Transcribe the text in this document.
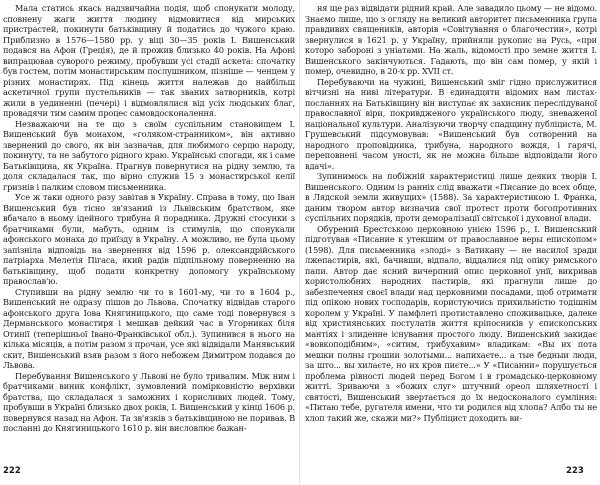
Мала статись якась надзвичайна подія, щоб спонукати молоду, сповнену жаги життя людину відмовитися від мирських пристрастей, покинути батьківщину й податись до чужого краю. Приблизно в 1576—1580 pp. у віці 30—35 років І. Вишенський подався на Афон (Греція), де й прожив близько 40 років. На Афоні випрацював суворого режиму, пробувши усі стадії аскета: спочатку був гостем, потім монастирським послушником, пізніше — ченцем у різних монастирях. Під кінець життя належав до найбільш аскетичної групи пустельників — так званих затворників, котрі жили в уединенні (печері) і відмовлялися від усіх людських благ, провадячи тим самим процес самовдосконалення.

Незважаючи на те що з своїм суспільним становищем І. Вишенський був монахом, «голяком-странником», він активно звернений до свого, як він зазначав, для любимого серцю народу, покинуту, та не забутого рідного краю. Українські спогади, як і саме Батьківщина, як Україна. Прагнув повернутися на рідну землю, та доля складалася так, що вірно служив 15 з монастирської келії гризнів і палким словом письменника.

Усе ж таки одного разу завітав в Україну. Справа в тому, що Іван Вишенський був тісно зв'язаний із Львівським братством, яке вбачало в ньому ідейного трибуна й порадника. Дружні стосунки з братчиками були, мабуть, одним із стимулів, що спонукали афонського монаха до приїзду в Україну. А можливо, не була цьому запізніла відповідь на звернення від 1596 р. олександрійського патріарха Мелетія Пігаса, який радів підпільному поверненню на батьківщину, щоб подати конкретну допомогу українському православ'ю.

Ступивши на рідну землю чи то в 1601-му, чи то в 1604 р., Вишенський не одразу пішов до Львова. Спочатку відвідав старого афонського друга Іова Княгиницького, що саме тоді повернувся з Дерманського монастиря і мешкав дейкий час в Угорниках біля Отинії (теперішньої Івано-Франківської обл.). Зупинився в нього на кілька місяців, а потім разом з прочан, усе які відвідали Манявський скит, Вишенський взяв разом з його небожем Димитром подався до Львова.

Перебування Вишенського у Львові не було тривалим. Між ним і братчиками виник конфлікт, зумовлений помірковністю верхівки братства, що складалася з заможних і корисливих людей. Тому, пробувши в Україні близько двох років, І. Вишенський у кінці 1606 р. повернувся назад на Афон. Та зв'язків з батьківщиною не поривав. В посланні до Княгиницького 1610 р. він висловлює бажан-

ня ще раз відвідати рідний край. Але завадило цьому — не відомо. Знаємо лише, що з огляду на великий авторитет письменника група правдивих священиків, авторів «Совітування о благочестии», котрі звернулися в 1621 р. у Україну, прийняли рукопис на Русь, «при которо забороні з уніатами. На жаль, відомості про земне життя І. Вишенського закінчуються. Гадають, що він сам помер, у якій і помер, очевидно, в 20-х рр. XVII ст.

Перебуваючи на чужині, Вишенський зміг гідно прислужитися вітчизні на ниві літератури. В єдинадцяти відомих нам листах-посланнях на Батьківщину він виступає як захисник переслідуваної православної віри, покривдженого українського люду, зневаженої національної культури. Аналізуючи творчу спадщину публіциста, М. Грушевський підсумовував: «Вишенський був сотворений на народного проповідника, трибуна, народного вождя, і гарячі, переповнені часом уності, як не можна більше відповідали його вдачі».

Зупинимось на побіжній характеристиці лише деяких творів І. Вишенського. Одним із ранніх слід вважати «Писание до всех обще, в Лядской земли живущих» (1588). За характеристикою І. Франка, даним твором автор визначив свої протест проти богопротивних суспільних порядків, проти деморалізації світської і духовної влади.

Обурений Брестською церковною унією 1596 р., І. Вишенський підготував «Писание к утекшим от православное веры епископом» (1598). Для письменника «злоді» з Ватикану — не насилої зради лжепастирів, які, бачивши, відпало, віддалися під опіку римського папи. Автор дає ясний вичерпний опис церковної унії, викривав користолюбних народних пастирів, які прагнули лише до забезпечення своєї влади над церковними посадами, щоб отримати під опікою нових господарів, користуючись прихильністю тодішнім королем у Україні. У памфлеті протиставлено споживацьке, далеке від християнських постулатів життя кріпосників у єпископських мантіях і злиденне існування простого люду. Вишенський закидає «вовкоподібним», «ситим, трибухавим» владикам: «Вы их пота мешки полны грошии золотыми... напихаєте... а тые бедныи люди, за што... вы хилаєте, но их кров пиєте...» У «Писанни» порушується проблема рівності людей перед Богом і в громадсько-церковному житті. Зриваючи з «божих слуг» штучний ореол шляхетності і святості, Вишенський звертається до їх недосконалого сумління: «Питаю тебе, ругателя имени, что ти родился від хлопа? Албо ты не хлоп такий же, скажи ми?» Публіцист доходить ви-

222	223
